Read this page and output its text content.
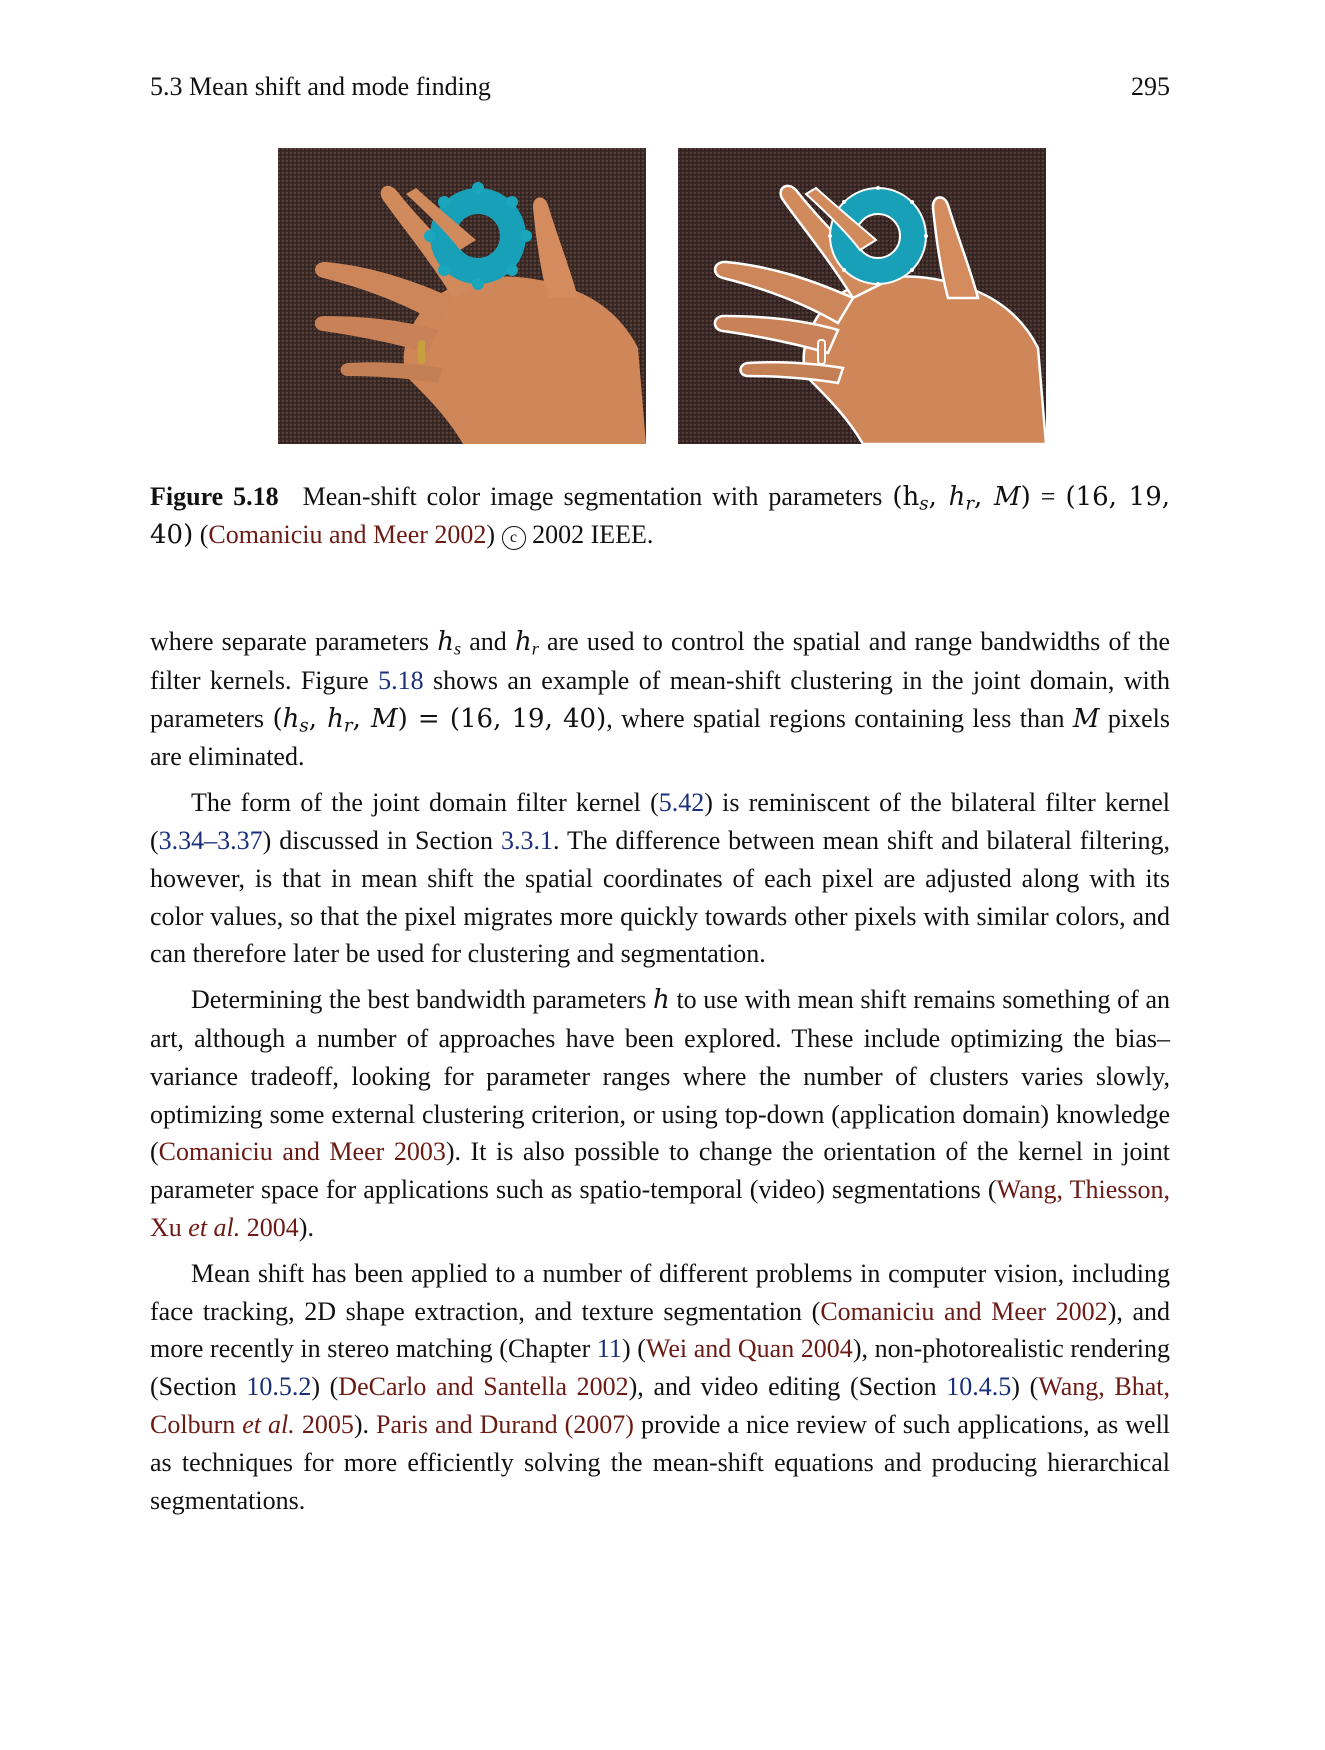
5.3 Mean shift and mode finding	295
Figure 5.18 Mean-shift color image segmentation with parameters ($h_s$, $h_r$, M) = (16, 19, 40) (Comaniciu and Meer 2002) c 2002 IEEE.

where separate parameters $h_s$ and $h_r$ are used to control the spatial and range bandwidths of the filter kernels. Figure 5.18 shows an example of mean-shift clustering in the joint domain, with parameters ($h_s$, $h_r$, M) = (16, 19, 40), where spatial regions containing less than M pixels are eliminated.

The form of the joint domain filter kernel (5.42) is reminiscent of the bilateral filter kernel (3.34–3.37) discussed in Section 3.3.1. The difference between mean shift and bilateral filtering, however, is that in mean shift the spatial coordinates of each pixel are adjusted along with its color values, so that the pixel migrates more quickly towards other pixels with similar colors, and can therefore later be used for clustering and segmentation.

Determining the best bandwidth parameters h to use with mean shift remains something of an art, although a number of approaches have been explored. These include optimizing the bias–variance tradeoff, looking for parameter ranges where the number of clusters varies slowly, optimizing some external clustering criterion, or using top-down (application domain) knowledge (Comaniciu and Meer 2003). It is also possible to change the orientation of the kernel in joint parameter space for applications such as spatio-temporal (video) segmentations (Wang, Thiesson, Xu et al. 2004).

Mean shift has been applied to a number of different problems in computer vision, including face tracking, 2D shape extraction, and texture segmentation (Comaniciu and Meer 2002), and more recently in stereo matching (Chapter 11) (Wei and Quan 2004), non-photorealistic rendering (Section 10.5.2) (DeCarlo and Santella 2002), and video editing (Section 10.4.5) (Wang, Bhat, Colburn et al. 2005). Paris and Durand (2007) provide a nice review of such applications, as well as techniques for more efficiently solving the mean-shift equations and producing hierarchical segmentations.
